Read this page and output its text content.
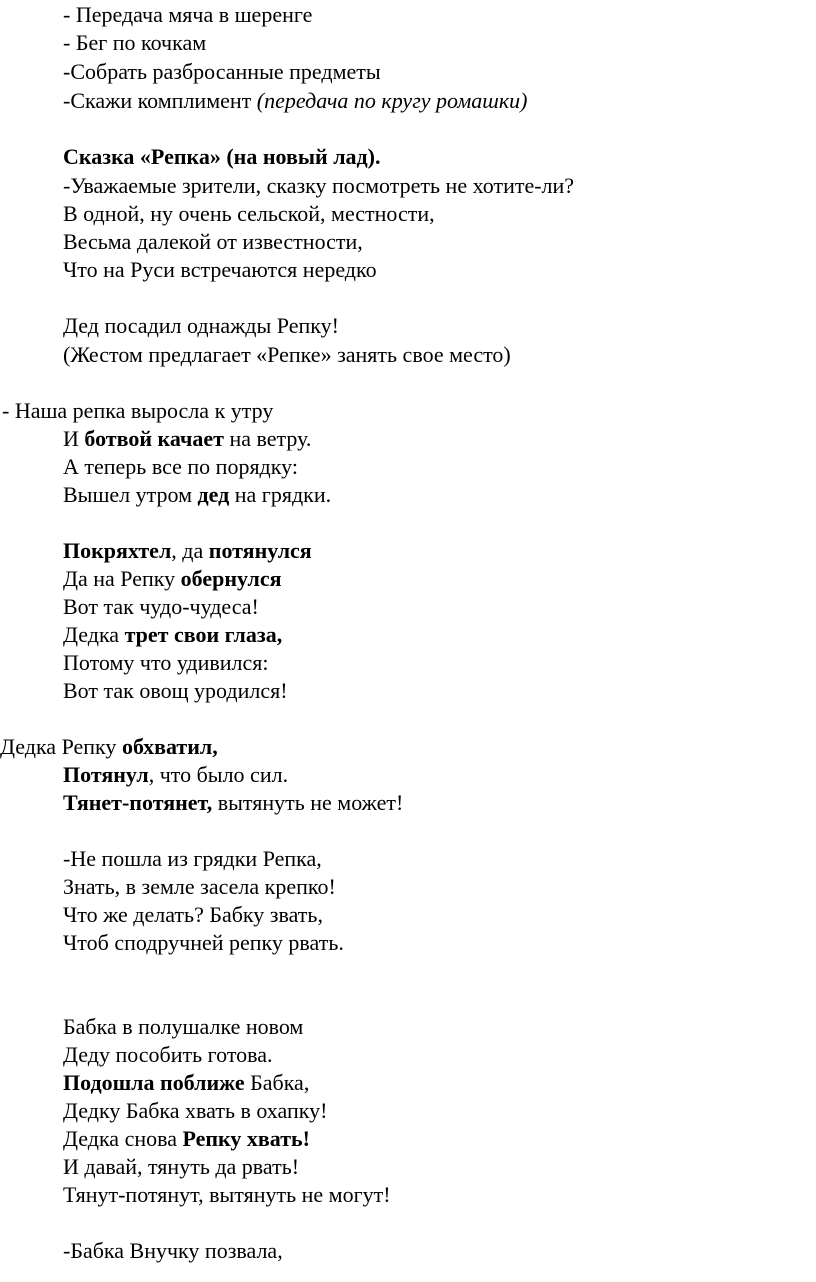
- Передача мяча в шеренге
- Бег по кочкам
-Собрать разбросанные предметы
-Скажи комплимент (передача по кругу ромашки)
Сказка «Репка» (на новый лад).
-Уважаемые зрители, сказку посмотреть не хотите-ли?
В одной, ну очень сельской, местности,
Весьма далекой от известности,
Что на Руси встречаются нередко
Дед посадил однажды Репку!
(Жестом предлагает «Репке» занять свое место)
- Наша репка выросла к утру
И ботвой качает на ветру.
А теперь все по порядку:
Вышел утром дед на грядки.
Покряхтел, да потянулся
Да на Репку обернулся
Вот так чудо-чудеса!
Дедка трет свои глаза,
Потому что удивился:
Вот так овощ уродился!
Дедка Репку обхватил,
Потянул, что было сил.
Тянет-потянет, вытянуть не может!
-Не пошла из грядки Репка,
Знать, в земле засела крепко!
Что же делать? Бабку звать,
Чтоб сподручней репку рвать.
Бабка в полушалке новом
Деду пособить готова.
Подошла поближе Бабка,
Дедку Бабка хвать в охапку!
Дедка снова Репку хвать!
И давай, тянуть да рвать!
Тянут-потянут, вытянуть не могут!
-Бабка Внучку позвала,
